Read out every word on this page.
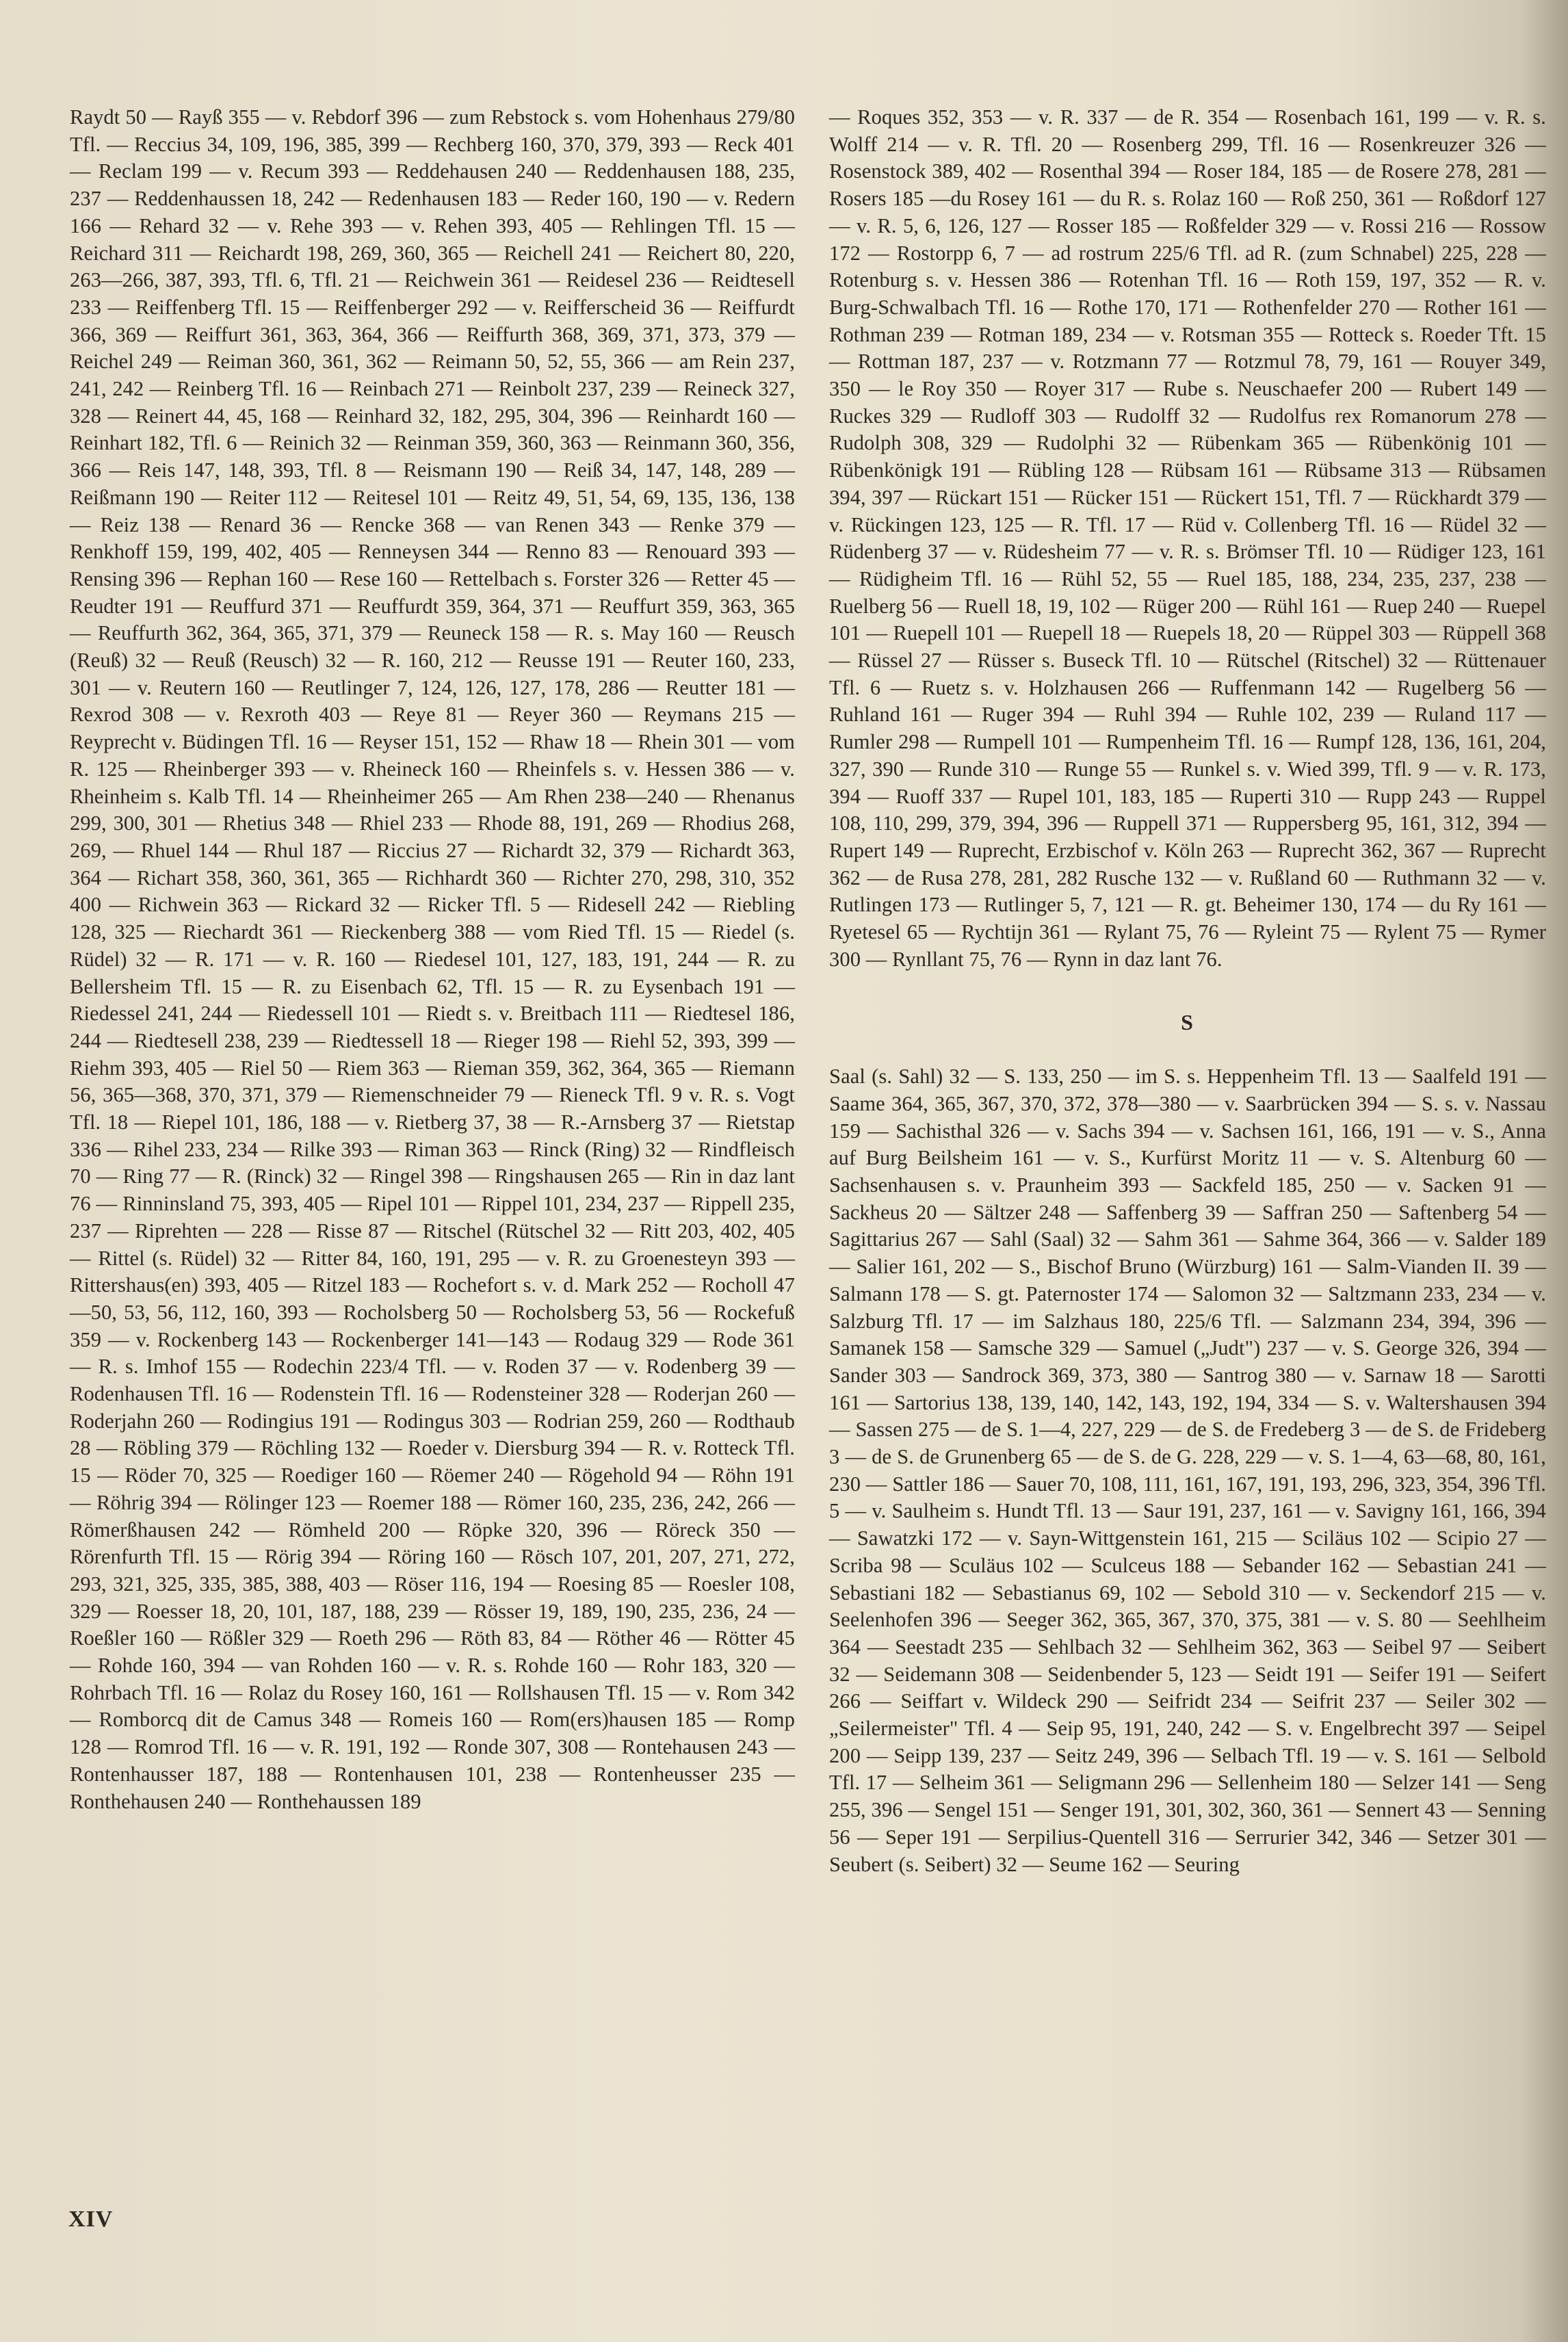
Raydt 50 — Rayß 355 — v. Rebdorf 396 — zum Rebstock s. vom Hohenhaus 279/80 Tfl. — Reccius 34, 109, 196, 385, 399 — Rechberg 160, 370, 379, 393 — Reck 401 — Reclam 199 — v. Recum 393 — Reddehausen 240 — Reddenhausen 188, 235, 237 — Reddenhaussen 18, 242 — Redenhausen 183 — Reder 160, 190 — v. Redern 166 — Rehard 32 — v. Rehe 393 — v. Rehen 393, 405 — Rehlingen Tfl. 15 — Reichard 311 — Reichardt 198, 269, 360, 365 — Reichell 241 — Reichert 80, 220, 263—266, 387, 393, Tfl. 6, Tfl. 21 — Reichwein 361 — Reidesel 236 — Reidtesell 233 — Reiffenberg Tfl. 15 — Reiffenberger 292 — v. Reifferscheid 36 — Reiffurdt 366, 369 — Reiffurt 361, 363, 364, 366 — Reiffurth 368, 369, 371, 373, 379 — Reichel 249 — Reiman 360, 361, 362 — Reimann 50, 52, 55, 366 — am Rein 237, 241, 242 — Reinberg Tfl. 16 — Reinbach 271 — Reinbolt 237, 239 — Reineck 327, 328 — Reinert 44, 45, 168 — Reinhard 32, 182, 295, 304, 396 — Reinhardt 160 — Reinhart 182, Tfl. 6 — Reinich 32 — Reinman 359, 360, 363 — Reinmann 360, 356, 366 — Reis 147, 148, 393, Tfl. 8 — Reismann 190 — Reiß 34, 147, 148, 289 — Reißmann 190 — Reiter 112 — Reitesel 101 — Reitz 49, 51, 54, 69, 135, 136, 138 — Reiz 138 — Renard 36 — Rencke 368 — van Renen 343 — Renke 379 — Renkhoff 159, 199, 402, 405 — Renneysen 344 — Renno 83 — Renouard 393 — Rensing 396 — Rephan 160 — Rese 160 — Rettelbach s. Forster 326 — Retter 45 — Reudter 191 — Reuffurd 371 — Reuffurdt 359, 364, 371 — Reuffurt 359, 363, 365 — Reuffurth 362, 364, 365, 371, 379 — Reuneck 158 — R. s. May 160 — Reusch (Reuß) 32 — Reuß (Reusch) 32 — R. 160, 212 — Reusse 191 — Reuter 160, 233, 301 — v. Reutern 160 — Reutlinger 7, 124, 126, 127, 178, 286 — Reutter 181 — Rexrod 308 — v. Rexroth 403 — Reye 81 — Reyer 360 — Reymans 215 — Reyprecht v. Büdingen Tfl. 16 — Reyser 151, 152 — Rhaw 18 — Rhein 301 — vom R. 125 — Rheinberger 393 — v. Rheineck 160 — Rheinfels s. v. Hessen 386 — v. Rheinheim s. Kalb Tfl. 14 — Rheinheimer 265 — Am Rhen 238—240 — Rhenanus 299, 300, 301 — Rhetius 348 — Rhiel 233 — Rhode 88, 191, 269 — Rhodius 268, 269, — Rhuel 144 — Rhul 187 — Riccius 27 — Richardt 32, 379 — Richardt 363, 364 — Richart 358, 360, 361, 365 — Richhardt 360 — Richter 270, 298, 310, 352 400 — Richwein 363 — Rickard 32 — Ricker Tfl. 5 — Ridesell 242 — Riebling 128, 325 — Riechardt 361 — Rieckenberg 388 — vom Ried Tfl. 15 — Riedel (s. Rüdel) 32 — R. 171 — v. R. 160 — Riedesel 101, 127, 183, 191, 244 — R. zu Bellersheim Tfl. 15 — R. zu Eisenbach 62, Tfl. 15 — R. zu Eysenbach 191 — Riedessel 241, 244 — Riedessell 101 — Riedt s. v. Breitbach 111 — Riedtesel 186, 244 — Riedtesell 238, 239 — Riedtessell 18 — Rieger 198 — Riehl 52, 393, 399 — Riehm 393, 405 — Riel 50 — Riem 363 — Rieman 359, 362, 364, 365 — Riemann 56, 365—368, 370, 371, 379 — Riemenschneider 79 — Rieneck Tfl. 9 v. R. s. Vogt Tfl. 18 — Riepel 101, 186, 188 — v. Rietberg 37, 38 — R.-Arnsberg 37 — Rietstap 336 — Rihel 233, 234 — Rilke 393 — Riman 363 — Rinck (Ring) 32 — Rindfleisch 70 — Ring 77 — R. (Rinck) 32 — Ringel 398 — Ringshausen 265 — Rin in daz lant 76 — Rinninsland 75, 393, 405 — Ripel 101 — Rippel 101, 234, 237 — Rippell 235, 237 — Riprehten — 228 — Risse 87 — Ritschel (Rütschel 32 — Ritt 203, 402, 405 — Rittel (s. Rüdel) 32 — Ritter 84, 160, 191, 295 — v. R. zu Groenesteyn 393 — Rittershaus(en) 393, 405 — Ritzel 183 — Rochefort s. v. d. Mark 252 — Rocholl 47—50, 53, 56, 112, 160, 393 — Rocholsberg 50 — Rocholsberg 53, 56 — Rockefuß 359 — v. Rockenberg 143 — Rockenberger 141—143 — Rodaug 329 — Rode 361 — R. s. Imhof 155 — Rodechin 223/4 Tfl. — v. Roden 37 — v. Rodenberg 39 — Rodenhausen Tfl. 16 — Rodenstein Tfl. 16 — Rodensteiner 328 — Roderjan 260 — Roderjahn 260 — Rodingius 191 — Rodingus 303 — Rodrian 259, 260 — Rodthaub 28 — Röbling 379 — Röchling 132 — Roeder v. Diersburg 394 — R. v. Rotteck Tfl. 15 — Röder 70, 325 — Roediger 160 — Röemer 240 — Rögehold 94 — Röhn 191 — Röhrig 394 — Rölinger 123 — Roemer 188 — Römer 160, 235, 236, 242, 266 — Römerßhausen 242 — Römheld 200 — Röpke 320, 396 — Röreck 350 — Rörenfurth Tfl. 15 — Rörig 394 — Röring 160 — Rösch 107, 201, 207, 271, 272, 293, 321, 325, 335, 385, 388, 403 — Röser 116, 194 — Roesing 85 — Roesler 108, 329 — Roesser 18, 20, 101, 187, 188, 239 — Rösser 19, 189, 190, 235, 236, 24 — Roeßler 160 — Rößler 329 — Roeth 296 — Röth 83, 84 — Röther 46 — Rötter 45 — Rohde 160, 394 — van Rohden 160 — v. R. s. Rohde 160 — Rohr 183, 320 — Rohrbach Tfl. 16 — Rolaz du Rosey 160, 161 — Rollshausen Tfl. 15 — v. Rom 342 — Romborcq dit de Camus 348 — Romeis 160 — Rom(ers)hausen 185 — Romp 128 — Romrod Tfl. 16 — v. R. 191, 192 — Ronde 307, 308 — Rontehausen 243 — Rontenhausser 187, 188 — Rontenhausen 101, 238 — Rontenheusser 235 — Ronthehausen 240 — Ronthehaussen 189

— Roques 352, 353 — v. R. 337 — de R. 354 — Rosenbach 161, 199 — v. R. s. Wolff 214 — v. R. Tfl. 20 — Rosenberg 299, Tfl. 16 — Rosenkreuzer 326 — Rosenstock 389, 402 — Rosenthal 394 — Roser 184, 185 — de Rosere 278, 281 — Rosers 185 —du Rosey 161 — du R. s. Rolaz 160 — Roß 250, 361 — Roßdorf 127 — v. R. 5, 6, 126, 127 — Rosser 185 — Roßfelder 329 — v. Rossi 216 — Rossow 172 — Rostorpp 6, 7 — ad rostrum 225/6 Tfl. ad R. (zum Schnabel) 225, 228 — Rotenburg s. v. Hessen 386 — Rotenhan Tfl. 16 — Roth 159, 197, 352 — R. v. Burg-Schwalbach Tfl. 16 — Rothe 170, 171 — Rothenfelder 270 — Rother 161 — Rothman 239 — Rotman 189, 234 — v. Rotsman 355 — Rotteck s. Roeder Tft. 15 — Rottman 187, 237 — v. Rotzmann 77 — Rotzmul 78, 79, 161 — Rouyer 349, 350 — le Roy 350 — Royer 317 — Rube s. Neuschaefer 200 — Rubert 149 — Ruckes 329 — Rudloff 303 — Rudolff 32 — Rudolfus rex Romanorum 278 — Rudolph 308, 329 — Rudolphi 32 — Rübenkam 365 — Rübenkönig 101 — Rübenkönigk 191 — Rübling 128 — Rübsam 161 — Rübsame 313 — Rübsamen 394, 397 — Rückart 151 — Rücker 151 — Rückert 151, Tfl. 7 — Rückhardt 379 — v. Rückingen 123, 125 — R. Tfl. 17 — Rüd v. Collenberg Tfl. 16 — Rüdel 32 — Rüdenberg 37 — v. Rüdesheim 77 — v. R. s. Brömser Tfl. 10 — Rüdiger 123, 161 — Rüdigheim Tfl. 16 — Rühl 52, 55 — Ruel 185, 188, 234, 235, 237, 238 — Ruelberg 56 — Ruell 18, 19, 102 — Rüger 200 — Rühl 161 — Ruep 240 — Ruepel 101 — Ruepell 101 — Ruepell 18 — Ruepels 18, 20 — Rüppel 303 — Rüppell 368 — Rüssel 27 — Rüsser s. Buseck Tfl. 10 — Rütschel (Ritschel) 32 — Rüttenauer Tfl. 6 — Ruetz s. v. Holzhausen 266 — Ruffenmann 142 — Rugelberg 56 — Ruhland 161 — Ruger 394 — Ruhl 394 — Ruhle 102, 239 — Ruland 117 — Rumler 298 — Rumpell 101 — Rumpenheim Tfl. 16 — Rumpf 128, 136, 161, 204, 327, 390 — Runde 310 — Runge 55 — Runkel s. v. Wied 399, Tfl. 9 — v. R. 173, 394 — Ruoff 337 — Rupel 101, 183, 185 — Ruperti 310 — Rupp 243 — Ruppel 108, 110, 299, 379, 394, 396 — Ruppell 371 — Ruppersberg 95, 161, 312, 394 — Rupert 149 — Ruprecht, Erzbischof v. Köln 263 — Ruprecht 362, 367 — Ruprecht 362 — de Rusa 278, 281, 282 Rusche 132 — v. Rußland 60 — Ruthmann 32 — v. Rutlingen 173 — Rutlinger 5, 7, 121 — R. gt. Beheimer 130, 174 — du Ry 161 — Ryetesel 65 — Rychtijn 361 — Rylant 75, 76 — Ryleint 75 — Rylent 75 — Rymer 300 — Rynllant 75, 76 — Rynn in daz lant 76.

S

Saal (s. Sahl) 32 — S. 133, 250 — im S. s. Heppenheim Tfl. 13 — Saalfeld 191 — Saame 364, 365, 367, 370, 372, 378—380 — v. Saarbrücken 394 — S. s. v. Nassau 159 — Sachisthal 326 — v. Sachs 394 — v. Sachsen 161, 166, 191 — v. S., Anna auf Burg Beilsheim 161 — v. S., Kurfürst Moritz 11 — v. S. Altenburg 60 — Sachsenhausen s. v. Praunheim 393 — Sackfeld 185, 250 — v. Sacken 91 — Sackheus 20 — Sältzer 248 — Saffenberg 39 — Saffran 250 — Saftenberg 54 — Sagittarius 267 — Sahl (Saal) 32 — Sahm 361 — Sahme 364, 366 — v. Salder 189 — Salier 161, 202 — S., Bischof Bruno (Würzburg) 161 — Salm-Vianden II. 39 — Salmann 178 — S. gt. Paternoster 174 — Salomon 32 — Saltzmann 233, 234 — v. Salzburg Tfl. 17 — im Salzhaus 180, 225/6 Tfl. — Salzmann 234, 394, 396 — Samanek 158 — Samsche 329 — Samuel („Judt") 237 — v. S. George 326, 394 — Sander 303 — Sandrock 369, 373, 380 — Santrog 380 — v. Sarnaw 18 — Sarotti 161 — Sartorius 138, 139, 140, 142, 143, 192, 194, 334 — S. v. Waltershausen 394 — Sassen 275 — de S. 1—4, 227, 229 — de S. de Fredeberg 3 — de S. de Frideberg 3 — de S. de Grunenberg 65 — de S. de G. 228, 229 — v. S. 1—4, 63—68, 80, 161, 230 — Sattler 186 — Sauer 70, 108, 111, 161, 167, 191, 193, 296, 323, 354, 396 Tfl. 5 — v. Saulheim s. Hundt Tfl. 13 — Saur 191, 237, 161 — v. Savigny 161, 166, 394 — Sawatzki 172 — v. Sayn-Wittgenstein 161, 215 — Sciläus 102 — Scipio 27 — Scriba 98 — Sculäus 102 — Sculceus 188 — Sebander 162 — Sebastian 241 — Sebastiani 182 — Sebastianus 69, 102 — Sebold 310 — v. Seckendorf 215 — v. Seelenhofen 396 — Seeger 362, 365, 367, 370, 375, 381 — v. S. 80 — Seehlheim 364 — Seestadt 235 — Sehlbach 32 — Sehlheim 362, 363 — Seibel 97 — Seibert 32 — Seidemann 308 — Seidenbender 5, 123 — Seidt 191 — Seifer 191 — Seifert 266 — Seiffart v. Wildeck 290 — Seifridt 234 — Seifrit 237 — Seiler 302 — „Seilermeister" Tfl. 4 — Seip 95, 191, 240, 242 — S. v. Engelbrecht 397 — Seipel 200 — Seipp 139, 237 — Seitz 249, 396 — Selbach Tfl. 19 — v. S. 161 — Selbold Tfl. 17 — Selheim 361 — Seligmann 296 — Sellenheim 180 — Selzer 141 — Seng 255, 396 — Sengel 151 — Senger 191, 301, 302, 360, 361 — Sennert 43 — Senning 56 — Seper 191 — Serpilius-Quentell 316 — Serrurier 342, 346 — Setzer 301 — Seubert (s. Seibert) 32 — Seume 162 — Seuring

XIV
